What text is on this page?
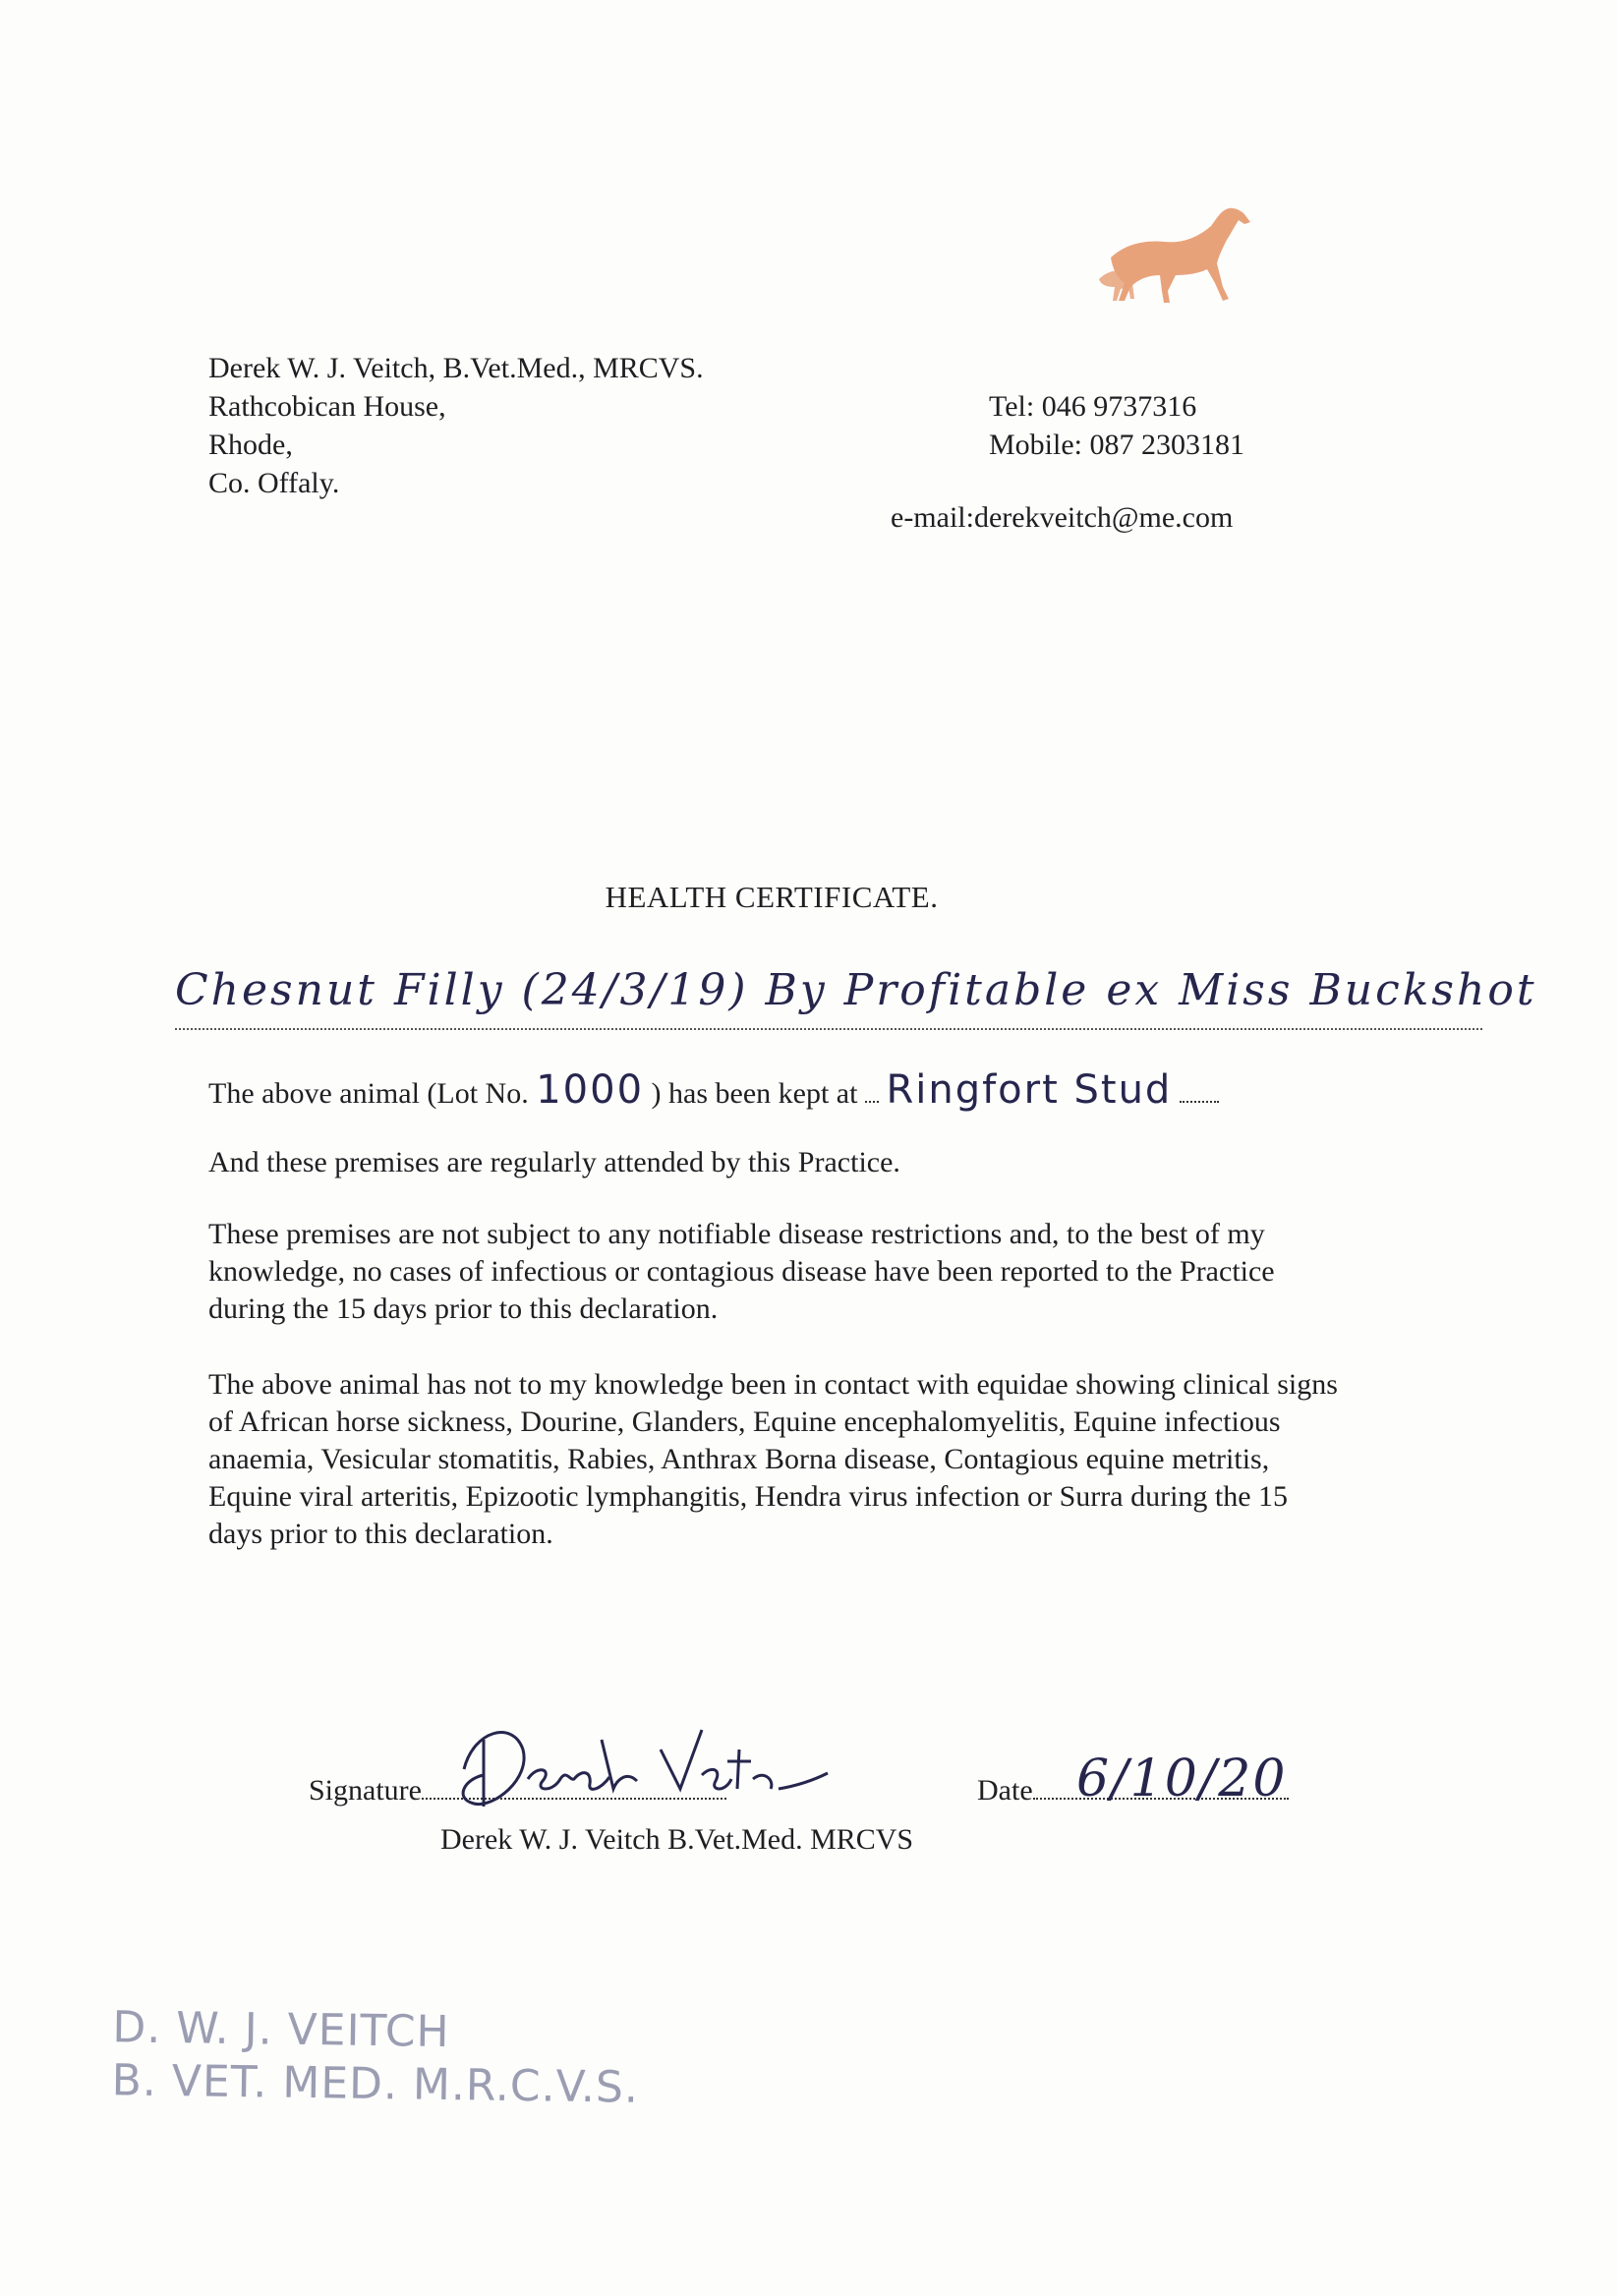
Derek W. J. Veitch, B.Vet.Med., MRCVS.
Rathcobican House,
Rhode,
Co. Offaly.
Tel: 046 9737316
Mobile: 087 2303181
e-mail:derekveitch@me.com
HEALTH CERTIFICATE.
Chesnut Filly (24/3/19) By Profitable ex Miss Buckshot
The above animal (Lot No. 1000 ) has been kept at Ringfort Stud
And these premises are regularly attended by this Practice.
These premises are not subject to any notifiable disease restrictions and, to the best of my knowledge, no cases of infectious or contagious disease have been reported to the Practice during the 15 days prior to this declaration.
The above animal has not to my knowledge been in contact with equidae showing clinical signs of African horse sickness, Dourine, Glanders, Equine encephalomyelitis, Equine infectious anaemia, Vesicular stomatitis, Rabies, Anthrax Borna disease, Contagious equine metritis, Equine viral arteritis, Epizootic lymphangitis, Hendra virus infection or Surra during the 15 days prior to this declaration.
Signature	Date 6/10/20
Derek W. J. Veitch B.Vet.Med. MRCVS
D. W. J. VEITCH
B. VET. MED. M.R.C.V.S.
